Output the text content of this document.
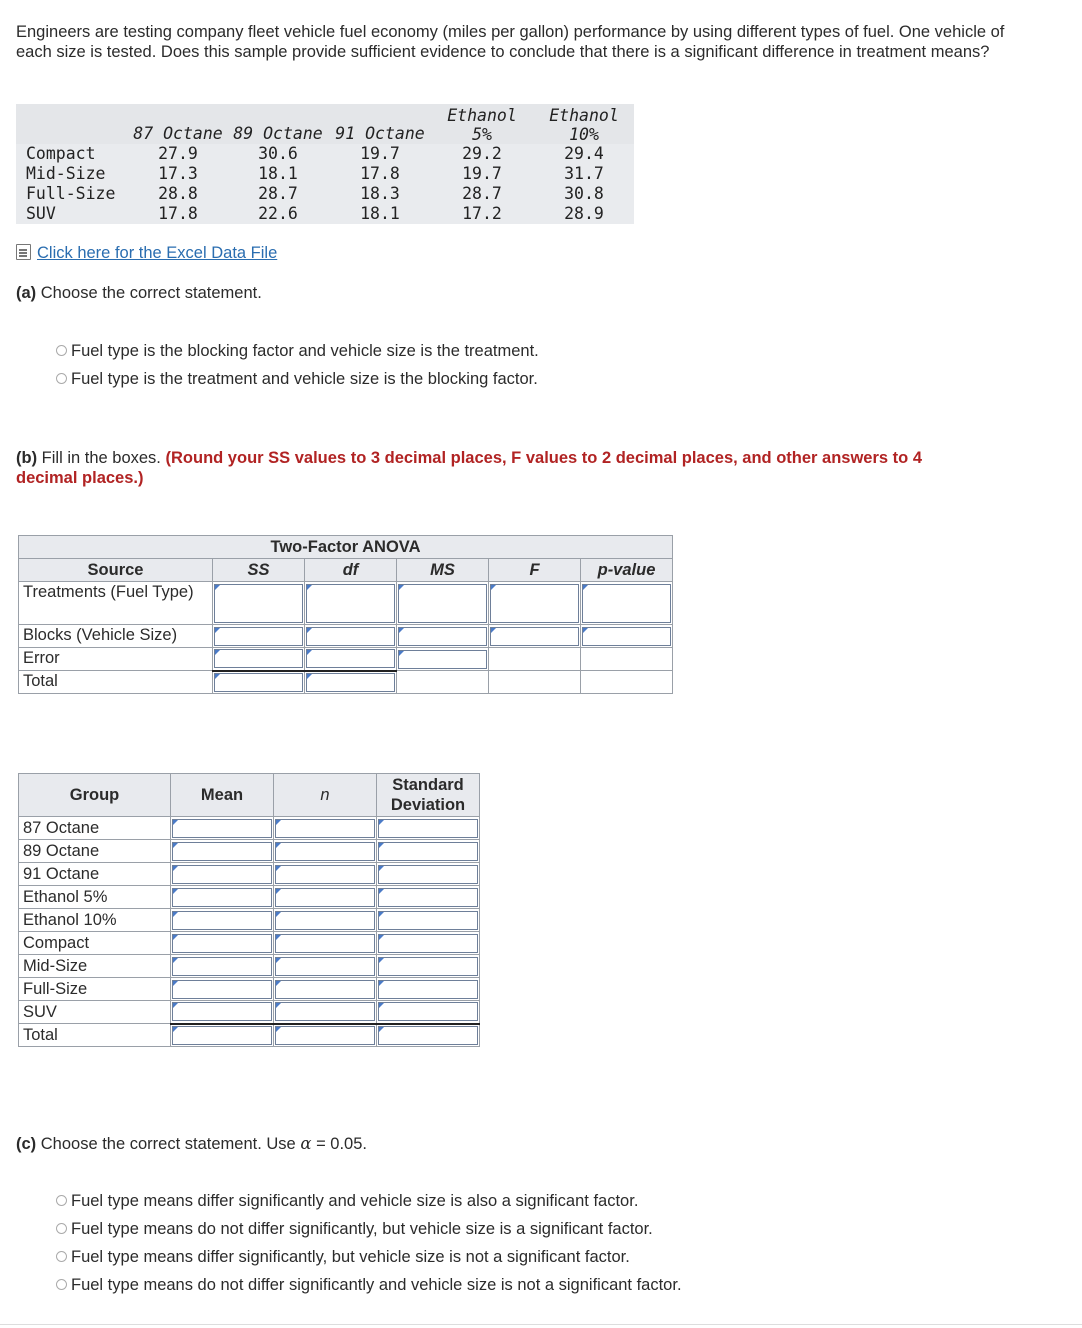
Engineers are testing company fleet vehicle fuel economy (miles per gallon) performance by using different types of fuel. One vehicle of each size is tested. Does this sample provide sufficient evidence to conclude that there is a significant difference in treatment means?
	87 Octane	89 Octane	91 Octane	Ethanol 5%	Ethanol 10%
Compact	27.9	30.6	19.7	29.2	29.4
Mid-Size	17.3	18.1	17.8	19.7	31.7
Full-Size	28.8	28.7	18.3	28.7	30.8
SUV	17.8	22.6	18.1	17.2	28.9
Click here for the Excel Data File
(a) Choose the correct statement.
Fuel type is the blocking factor and vehicle size is the treatment.
Fuel type is the treatment and vehicle size is the blocking factor.
(b) Fill in the boxes. (Round your SS values to 3 decimal places, F values to 2 decimal places, and other answers to 4 decimal places.)
Two-Factor ANOVA					
Source	SS	df	MS	F	p-value
Treatments (Fuel Type)	

Blocks (Vehicle Size)	

Error	

Total	

Group	Mean	n	Standard Deviation
87 Octane	

89 Octane	

91 Octane	

Ethanol 5%	

Ethanol 10%	

Compact	

Mid-Size	

Full-Size	

SUV	

Total	

(c) Choose the correct statement. Use α = 0.05.
Fuel type means differ significantly and vehicle size is also a significant factor.
Fuel type means do not differ significantly, but vehicle size is a significant factor.
Fuel type means differ significantly, but vehicle size is not a significant factor.
Fuel type means do not differ significantly and vehicle size is not a significant factor.
